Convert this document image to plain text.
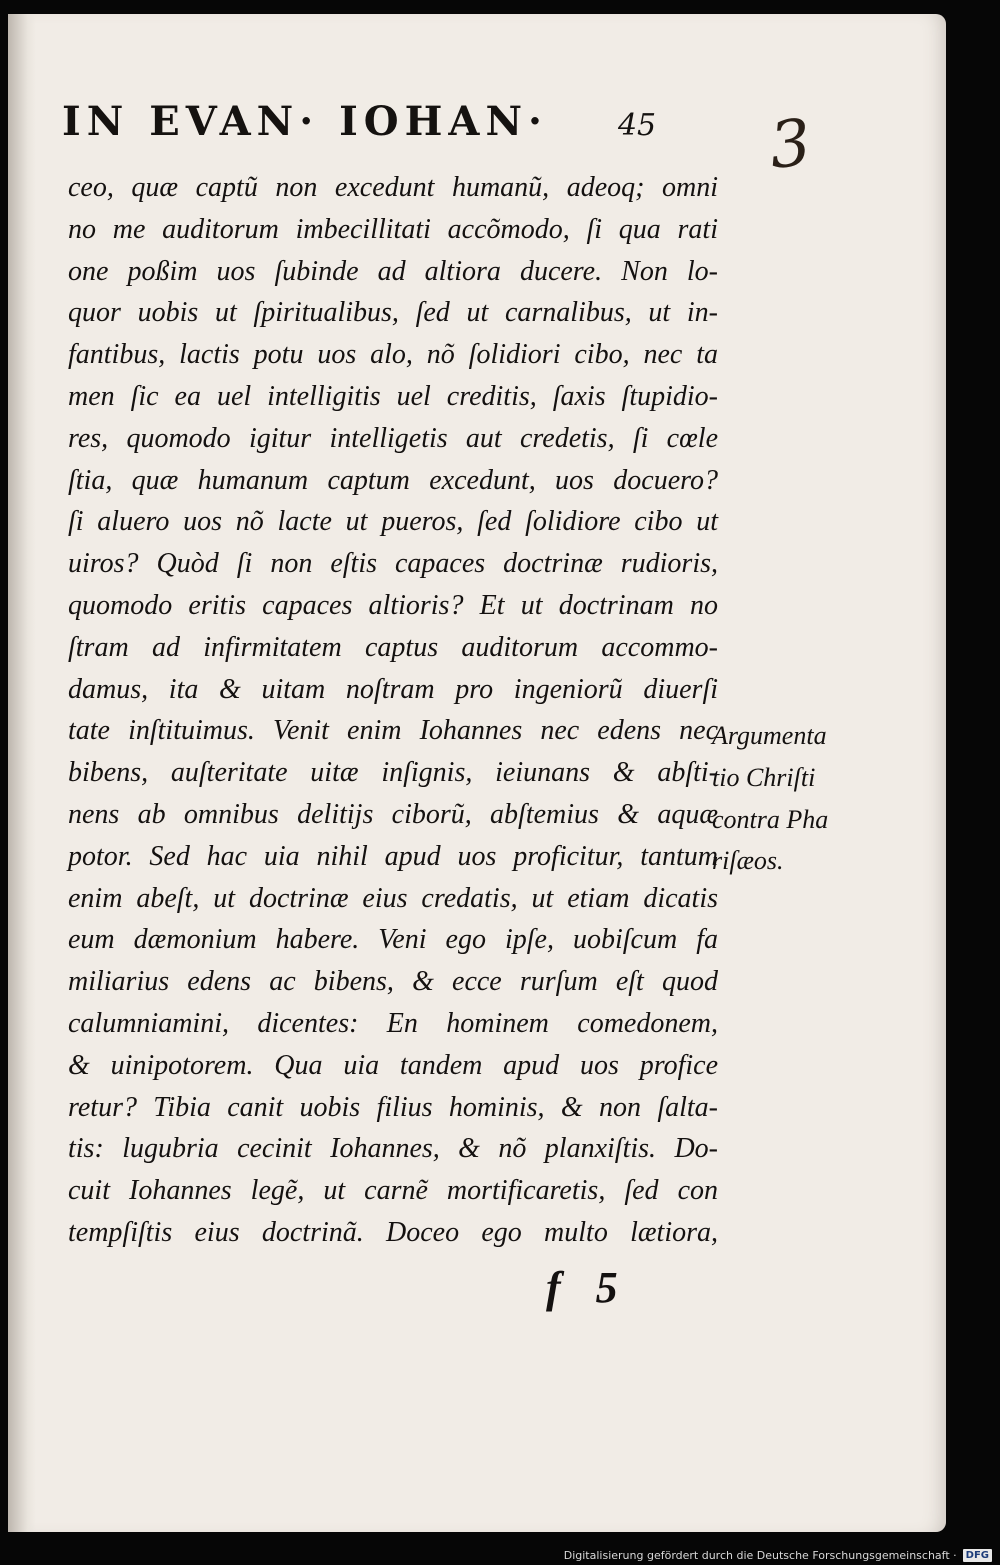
IN EVAN· IOHAN· 45 3
ceo, quæ captũ non excedunt humanũ, adeoq; omni
no me auditorum imbecillitati accõmodo, ſi qua rati
one poßim uos ſubinde ad altiora ducere. Non lo-
quor uobis ut ſpiritualibus, ſed ut carnalibus, ut in-
fantibus, lactis potu uos alo, nõ ſolidiori cibo, nec ta
men ſic ea uel intelligitis uel creditis, ſaxis ſtupidio-
res, quomodo igitur intelligetis aut credetis, ſi cœle
ſtia, quæ humanum captum excedunt, uos docuero?
ſi aluero uos nõ lacte ut pueros, ſed ſolidiore cibo ut
uiros? Quòd ſi non eſtis capaces doctrinæ rudioris,
quomodo eritis capaces altioris? Et ut doctrinam no
ſtram ad infirmitatem captus auditorum accommo-
damus, ita & uitam noſtram pro ingeniorũ diuerſi
tate inſtituimus. Venit enim Iohannes nec edens nec
bibens, auſteritate uitæ inſignis, ieiunans & abſti-
nens ab omnibus delitijs ciborũ, abſtemius & aquæ
potor. Sed hac uia nihil apud uos proficitur, tantum
enim abeſt, ut doctrinæ eius credatis, ut etiam dicatis
eum dæmonium habere. Veni ego ipſe, uobiſcum fa
miliarius edens ac bibens, & ecce rurſum eſt quod
calumniamini, dicentes: En hominem comedonem,
& uinipotorem. Qua uia tandem apud uos profice
retur? Tibia canit uobis filius hominis, & non ſalta-
tis: lugubria cecinit Iohannes, & nõ planxiſtis. Do-
cuit Iohannes legẽ, ut carnẽ mortificaretis, ſed con
tempſiſtis eius doctrinã. Doceo ego multo lætiora,
Argumenta
tio Chriſti
contra Pha
riſæos.
f 5
Digitalisierung gefördert durch die Deutsche Forschungsgemeinschaft · DFG
